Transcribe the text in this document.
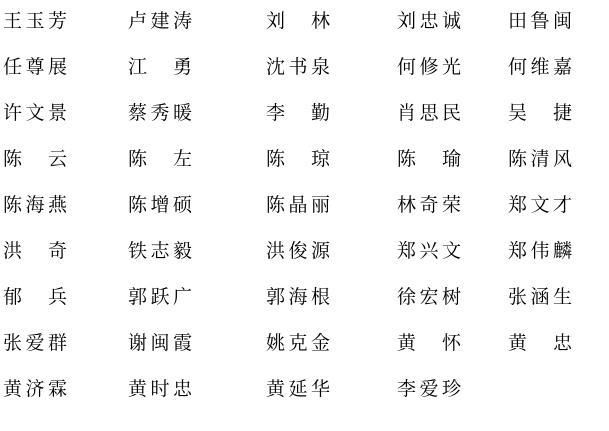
王玉芳	卢建涛	刘　林	刘忠诚	田鲁闽
任尊展	江　勇	沈书泉	何修光	何维嘉
许文景	蔡秀暖	李　勤	肖思民	吴　捷
陈　云	陈　左	陈　琼	陈　瑜	陈清风
陈海燕	陈增硕	陈晶丽	林奇荣	郑文才
洪　奇	铁志毅	洪俊源	郑兴文	郑伟麟
郁　兵	郭跃广	郭海根	徐宏树	张涵生
张爱群	谢闽霞	姚克金	黄　怀	黄　忠
黄济霖	黄时忠	黄延华	李爱珍
